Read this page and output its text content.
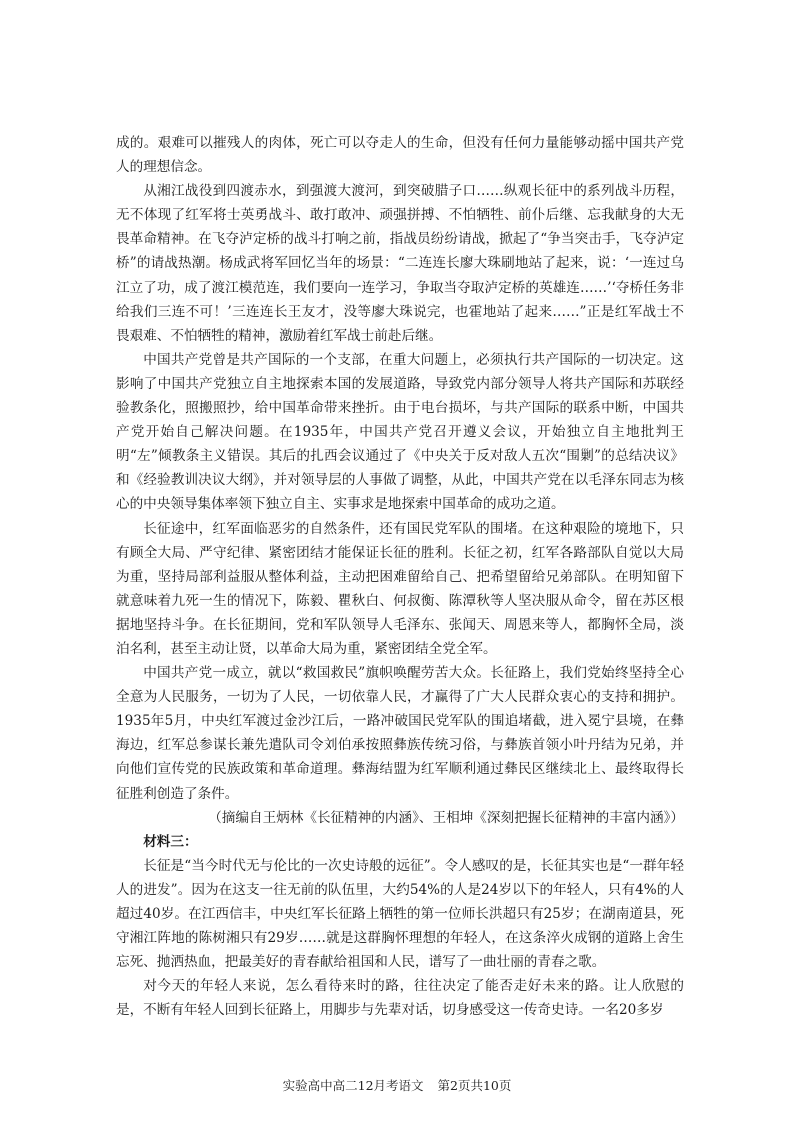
成的。艰难可以摧残人的肉体，死亡可以夺走人的生命，但没有任何力量能够动摇中国共产党人的理想信念。

从湘江战役到四渡赤水，到强渡大渡河，到突破腊子口……纵观长征中的系列战斗历程，无不体现了红军将士英勇战斗、敢打敢冲、顽强拼搏、不怕牺牲、前仆后继、忘我献身的大无畏革命精神。在飞夺泸定桥的战斗打响之前，指战员纷纷请战，掀起了“争当突击手，飞夺泸定桥”的请战热潮。杨成武将军回忆当年的场景：“二连连长廖大珠刷地站了起来，说：‘一连过乌江立了功，成了渡江模范连，我们要向一连学习，争取当夺取泸定桥的英雄连……’‘夺桥任务非给我们三连不可！’三连连长王友才，没等廖大珠说完，也霍地站了起来……”正是红军战士不畏艰难、不怕牺牲的精神，激励着红军战士前赴后继。

中国共产党曾是共产国际的一个支部，在重大问题上，必须执行共产国际的一切决定。这影响了中国共产党独立自主地探索本国的发展道路，导致党内部分领导人将共产国际和苏联经验教条化，照搬照抄，给中国革命带来挫折。由于电台损坏，与共产国际的联系中断，中国共产党开始自己解决问题。在1935年，中国共产党召开遵义会议，开始独立自主地批判王明“左”倾教条主义错误。其后的扎西会议通过了《中央关于反对敌人五次“围剿”的总结决议》和《经验教训决议大纲》，并对领导层的人事做了调整，从此，中国共产党在以毛泽东同志为核心的中央领导集体率领下独立自主、实事求是地探索中国革命的成功之道。

长征途中，红军面临恶劣的自然条件，还有国民党军队的围堵。在这种艰险的境地下，只有顾全大局、严守纪律、紧密团结才能保证长征的胜利。长征之初，红军各路部队自觉以大局为重，坚持局部利益服从整体利益，主动把困难留给自己、把希望留给兄弟部队。在明知留下就意味着九死一生的情况下，陈毅、瞿秋白、何叔衡、陈潭秋等人坚决服从命令，留在苏区根据地坚持斗争。在长征期间，党和军队领导人毛泽东、张闻天、周恩来等人，都胸怀全局，淡泊名利，甚至主动让贤，以革命大局为重，紧密团结全党全军。

中国共产党一成立，就以“救国救民”旗帜唤醒劳苦大众。长征路上，我们党始终坚持全心全意为人民服务，一切为了人民，一切依靠人民，才赢得了广大人民群众衷心的支持和拥护。1935年5月，中央红军渡过金沙江后，一路冲破国民党军队的围追堵截，进入冕宁县境，在彝海边，红军总参谋长兼先遣队司令刘伯承按照彝族传统习俗，与彝族首领小叶丹结为兄弟，并向他们宣传党的民族政策和革命道理。彝海结盟为红军顺利通过彝民区继续北上、最终取得长征胜利创造了条件。

（摘编自王炳林《长征精神的内涵》、王相坤《深刻把握长征精神的丰富内涵》）

材料三：

长征是“当今时代无与伦比的一次史诗般的远征”。令人感叹的是，长征其实也是“一群年轻人的进发”。因为在这支一往无前的队伍里，大约54%的人是24岁以下的年轻人，只有4%的人超过40岁。在江西信丰，中央红军长征路上牺牲的第一位师长洪超只有25岁；在湖南道县，死守湘江阵地的陈树湘只有29岁……就是这群胸怀理想的年轻人，在这条淬火成钢的道路上舍生忘死、抛洒热血，把最美好的青春献给祖国和人民，谱写了一曲壮丽的青春之歌。

对今天的年轻人来说，怎么看待来时的路，往往决定了能否走好未来的路。让人欣慰的是，不断有年轻人回到长征路上，用脚步与先辈对话，切身感受这一传奇史诗。一名20多岁

实验高中高二12月考语文 第2页共10页
